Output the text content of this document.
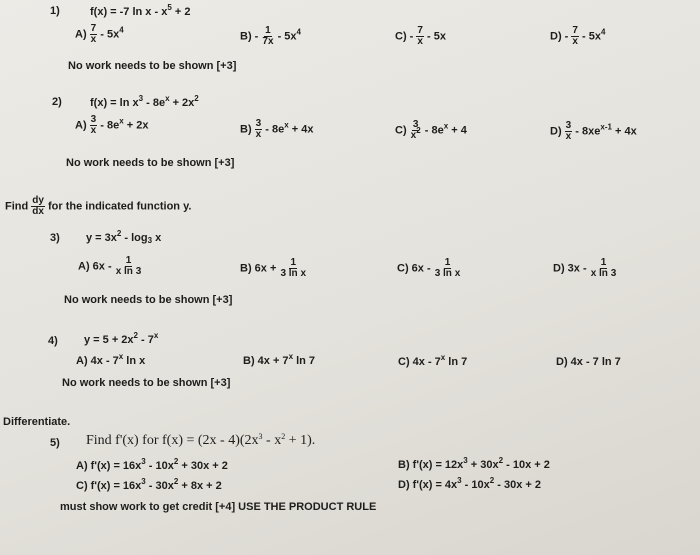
1)	f(x) = -7 $\ln x - x^5 + 2$
$A) \frac{7}{x} - 5x^4$
$B) - \frac{1}{7x} - 5x^4$	$C) - \frac{7}{x} - 5x$	$D) - \frac{7}{x} - 5x^4$
No work needs to be shown [+3]
2)	$f(x) = \ln x^3 - 8e^x + 2x^2$
$A) \frac{3}{x} - 8e^x + 2x$	$B) \frac{3}{x} - 8e^x + 4x$	$C) \frac{3}{x^2} - 8e^x + 4$	$D) \frac{3}{x} - 8xe^{x-1} + 4x$
No work needs to be shown [+3]
Find $\frac{dy}{dx}$ for the indicated function y.
3) $y = 3x^2 - \log_3 x$
A) $6x - \frac{1}{\text{x ln 3}}$	B) $6x + \frac{1}{\text{3 ln x}}$	C) $6x - \frac{1}{\text{3 ln x}}$	D) $3x - \frac{1}{\text{x ln 3}}$
No work needs to be shown [+3]
4) $y = 5 + 2x^2 - 7^x$
A) 4x - 7$^x$ ln x	B) $4x + 7^x$ ln 7	C) 4x - 7$^x$ ln 7	D) 4x - 7 ln 7
No work needs to be shown [+3]
Differentiate.
5) Find f'(x) for $f(x) = (2x - 4)(2x^3 - x^2 + 1)$.
A) $f'(x) = 16x^3 - 10x^2 + 30x + 2$	B) $f'(x) = 12x^3 + 30x^2 - 10x + 2$
C) $f'(x) = 16x^3 - 30x^2 + 8x + 2$	D) $f'(x) = 4x^3 - 10x^2 - 30x + 2$
must show work to get credit [+4] USE THE PRODUCT RULE
